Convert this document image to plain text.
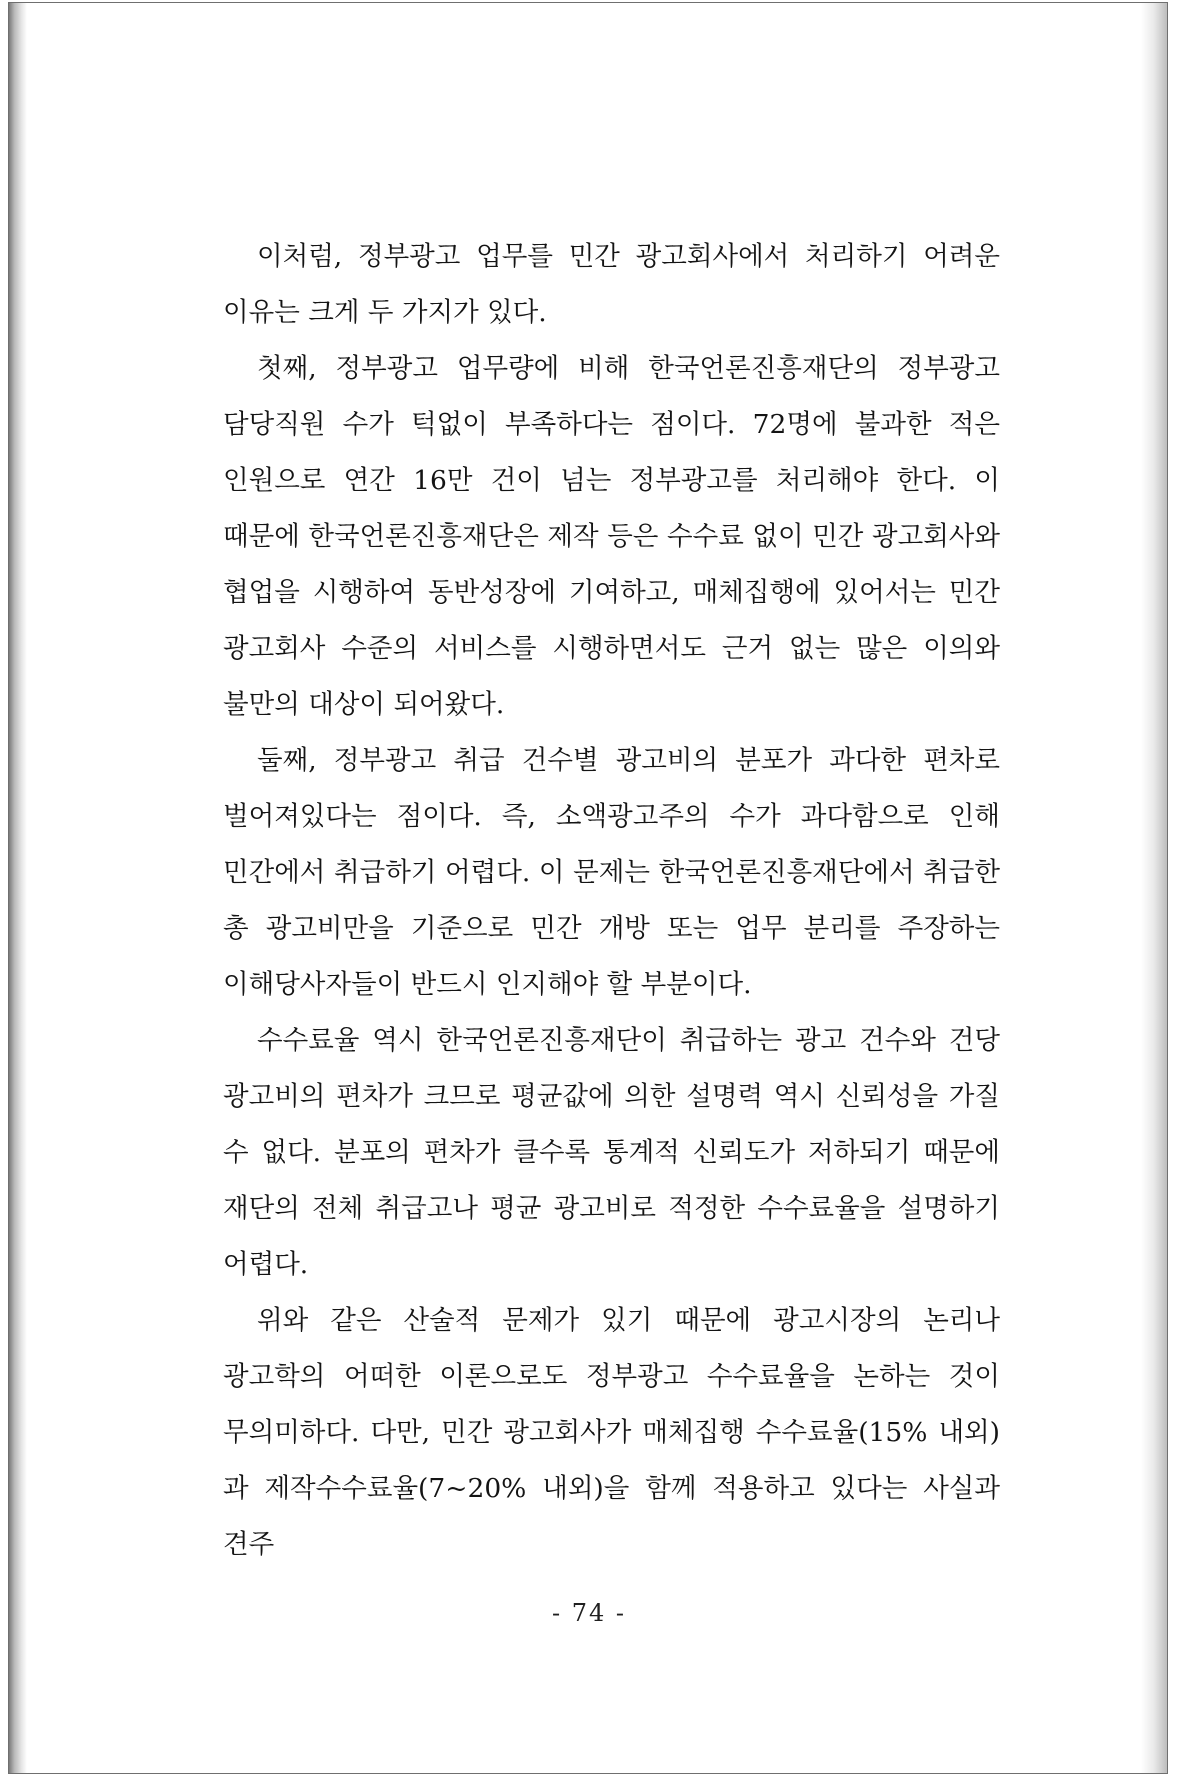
이처럼, 정부광고 업무를 민간 광고회사에서 처리하기 어려운 이유는 크게 두 가지가 있다.

첫째, 정부광고 업무량에 비해 한국언론진흥재단의 정부광고 담당직원 수가 턱없이 부족하다는 점이다. 72명에 불과한 적은 인원으로 연간 16만 건이 넘는 정부광고를 처리해야 한다. 이 때문에 한국언론진흥재단은 제작 등은 수수료 없이 민간 광고회사와 협업을 시행하여 동반성장에 기여하고, 매체집행에 있어서는 민간 광고회사 수준의 서비스를 시행하면서도 근거 없는 많은 이의와 불만의 대상이 되어왔다.

둘째, 정부광고 취급 건수별 광고비의 분포가 과다한 편차로 벌어져있다는 점이다. 즉, 소액광고주의 수가 과다함으로 인해 민간에서 취급하기 어렵다. 이 문제는 한국언론진흥재단에서 취급한 총 광고비만을 기준으로 민간 개방 또는 업무 분리를 주장하는 이해당사자들이 반드시 인지해야 할 부분이다.

수수료율 역시 한국언론진흥재단이 취급하는 광고 건수와 건당 광고비의 편차가 크므로 평균값에 의한 설명력 역시 신뢰성을 가질 수 없다. 분포의 편차가 클수록 통계적 신뢰도가 저하되기 때문에 재단의 전체 취급고나 평균 광고비로 적정한 수수료율을 설명하기 어렵다.

위와 같은 산술적 문제가 있기 때문에 광고시장의 논리나 광고학의 어떠한 이론으로도 정부광고 수수료율을 논하는 것이 무의미하다. 다만, 민간 광고회사가 매체집행 수수료율(15% 내외)과 제작수수료율(7~20% 내외)을 함께 적용하고 있다는 사실과 견주

- 74 -
